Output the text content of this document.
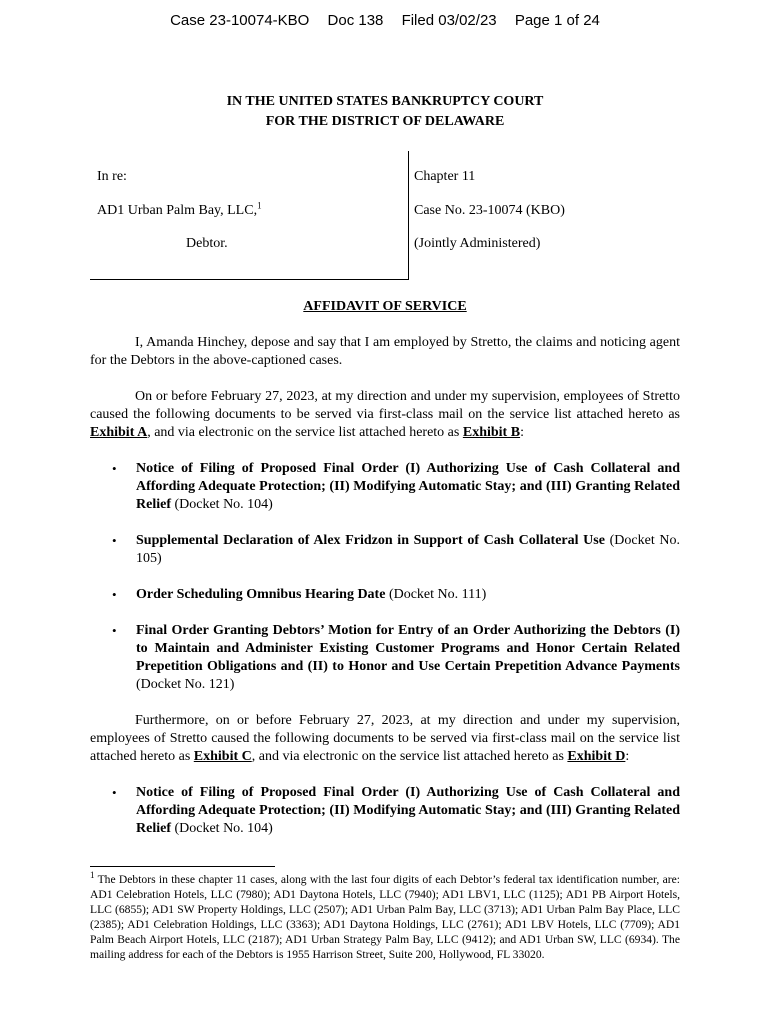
Case 23-10074-KBO Doc 138 Filed 03/02/23 Page 1 of 24
IN THE UNITED STATES BANKRUPTCY COURT
FOR THE DISTRICT OF DELAWARE
In re:
AD1 Urban Palm Bay, LLC,$^1$
Debtor.
Chapter 11
Case No. 23-10074 (KBO)
(Jointly Administered)
AFFIDAVIT OF SERVICE

I, Amanda Hinchey, depose and say that I am employed by Stretto, the claims and noticing agent for the Debtors in the above-captioned cases.

On or before February 27, 2023, at my direction and under my supervision, employees of Stretto caused the following documents to be served via first-class mail on the service list attached hereto as Exhibit A, and via electronic on the service list attached hereto as Exhibit B:

• Notice of Filing of Proposed Final Order (I) Authorizing Use of Cash Collateral and Affording Adequate Protection; (II) Modifying Automatic Stay; and (III) Granting Related Relief (Docket No. 104)
• Supplemental Declaration of Alex Fridzon in Support of Cash Collateral Use (Docket No. 105)
• Order Scheduling Omnibus Hearing Date (Docket No. 111)
• Final Order Granting Debtors’ Motion for Entry of an Order Authorizing the Debtors (I) to Maintain and Administer Existing Customer Programs and Honor Certain Related Prepetition Obligations and (II) to Honor and Use Certain Prepetition Advance Payments (Docket No. 121)

Furthermore, on or before February 27, 2023, at my direction and under my supervision, employees of Stretto caused the following documents to be served via first-class mail on the service list attached hereto as Exhibit C, and via electronic on the service list attached hereto as Exhibit D:

• Notice of Filing of Proposed Final Order (I) Authorizing Use of Cash Collateral and Affording Adequate Protection; (II) Modifying Automatic Stay; and (III) Granting Related Relief (Docket No. 104)
$^1$ The Debtors in these chapter 11 cases, along with the last four digits of each Debtor’s federal tax identification number, are: AD1 Celebration Hotels, LLC (7980); AD1 Daytona Hotels, LLC (7940); AD1 LBV1, LLC (1125); AD1 PB Airport Hotels, LLC (6855); AD1 SW Property Holdings, LLC (2507); AD1 Urban Palm Bay, LLC (3713); AD1 Urban Palm Bay Place, LLC (2385); AD1 Celebration Holdings, LLC (3363); AD1 Daytona Holdings, LLC (2761); AD1 LBV Hotels, LLC (7709); AD1 Palm Beach Airport Hotels, LLC (2187); AD1 Urban Strategy Palm Bay, LLC (9412); and AD1 Urban SW, LLC (6934). The mailing address for each of the Debtors is 1955 Harrison Street, Suite 200, Hollywood, FL 33020.
